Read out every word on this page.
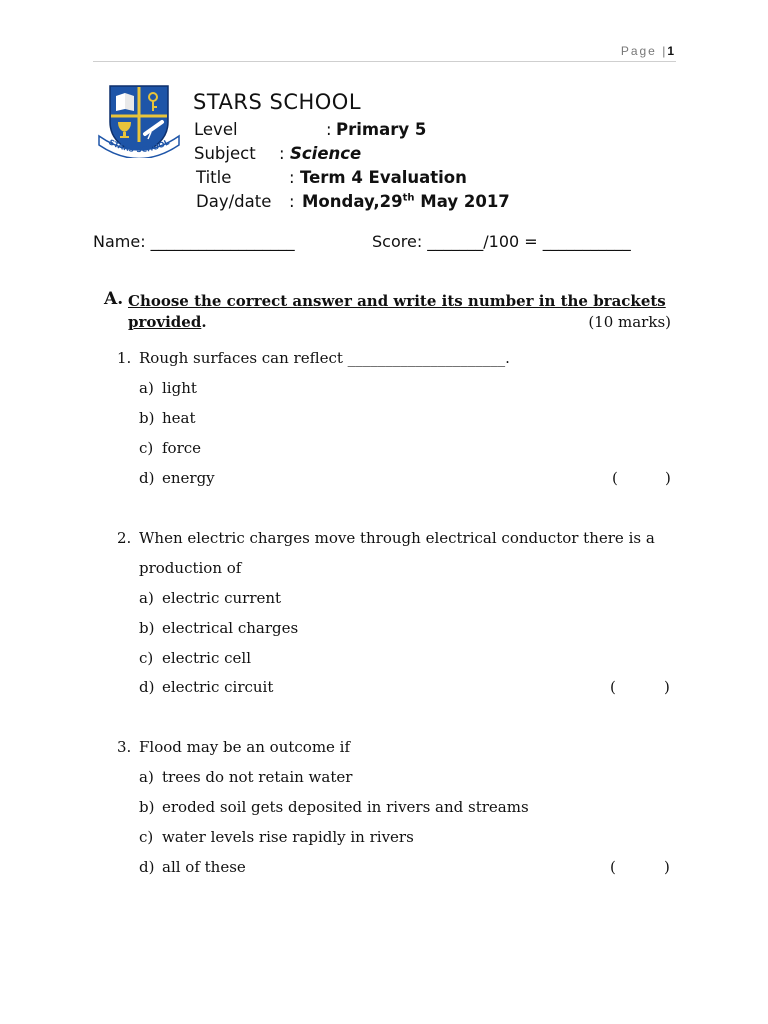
Page |1
STARS SCHOOL
STARS SCHOOL
Level	: Primary 5
Subject : Science
Title	: Term 4 Evaluation
Day/date : Monday,29th May 2017
Name: __________________	Score: _______/100 = ___________
A. Choose the correct answer and write its number in the brackets
provided.	(10 marks)
1. Rough surfaces can reflect _____________________.
a) light
b) heat
c) force
d) energy	(	)
2. When electric charges move through electrical conductor there is a
production of
a) electric current
b) electrical charges
c) electric cell
d) electric circuit	(	)
3. Flood may be an outcome if
a) trees do not retain water
b) eroded soil gets deposited in rivers and streams
c) water levels rise rapidly in rivers
d) all of these	(	)
